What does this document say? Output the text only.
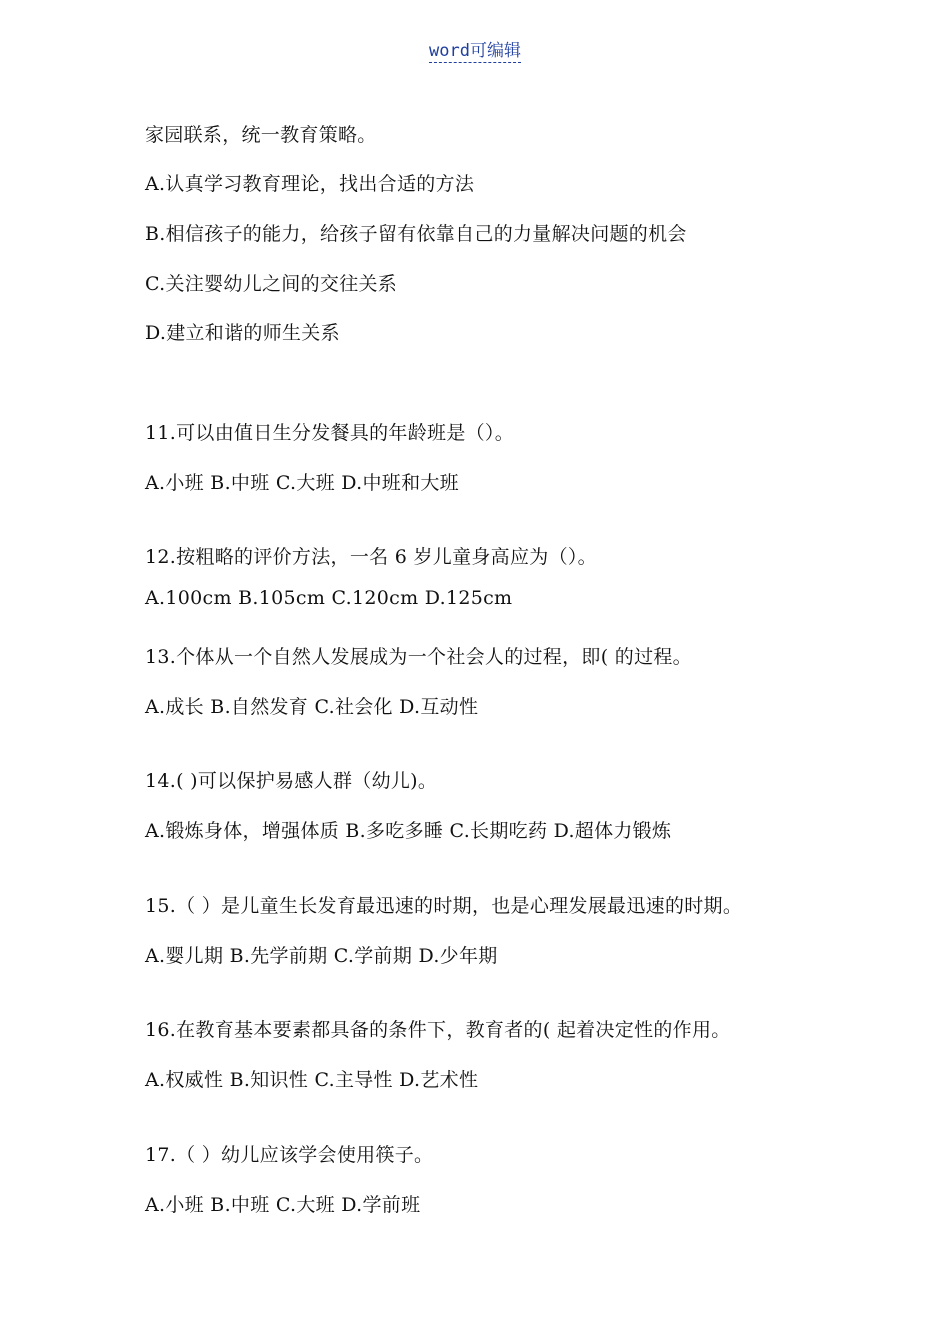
word可编辑
家园联系，统一教育策略。
A.认真学习教育理论，找出合适的方法
B.相信孩子的能力，给孩子留有依靠自己的力量解决问题的机会
C.关注婴幼儿之间的交往关系
D.建立和谐的师生关系
11.可以由值日生分发餐具的年龄班是（）。
A.小班 B.中班 C.大班 D.中班和大班
12.按粗略的评价方法，一名 6 岁儿童身高应为（）。
A.100cm B.105cm C.120cm D.125cm
13.个体从一个自然人发展成为一个社会人的过程，即( 的过程。
A.成长 B.自然发育 C.社会化 D.互动性
14.( )可以保护易感人群（幼儿)。
A.锻炼身体，增强体质 B.多吃多睡 C.长期吃药 D.超体力锻炼
15.（ ）是儿童生长发育最迅速的时期，也是心理发展最迅速的时期。
A.婴儿期 B.先学前期 C.学前期 D.少年期
16.在教育基本要素都具备的条件下，教育者的( 起着决定性的作用。
A.权威性 B.知识性 C.主导性 D.艺术性
17.（ ）幼儿应该学会使用筷子。
A.小班 B.中班 C.大班 D.学前班
